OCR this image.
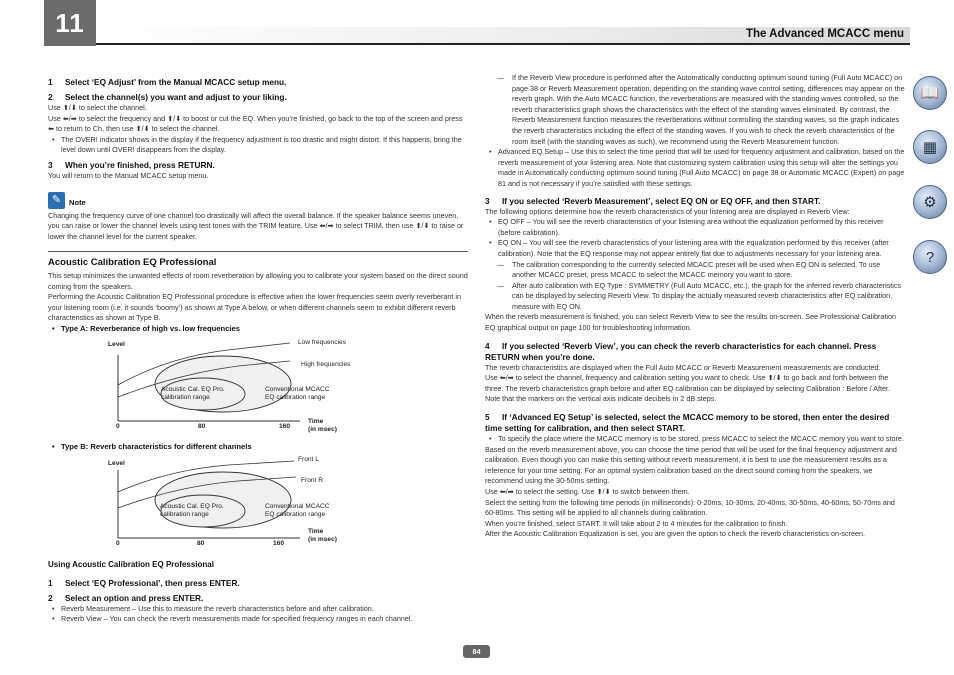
11	The Advanced MCACC menu
1 Select ‘EQ Adjust’ from the Manual MCACC setup menu.
2 Select the channel(s) you want and adjust to your liking.

Use ⬆/⬇ to select the channel.

Use ⬅/➡ to select the frequency and ⬆/⬇ to boost or cut the EQ. When you’re finished, go back to the top of the screen and press ⬅ to return to Ch, then use ⬆/⬇ to select the channel.

• The OVER! indicator shows in the display if the frequency adjustment is too drastic and might distort. If this happens, bring the level down until OVER! disappears from the display.

3 When you’re finished, press RETURN.

You will return to the Manual MCACC setup menu.

✎	Note

Changing the frequency curve of one channel too drastically will affect the overall balance. If the speaker balance seems uneven, you can raise or lower the channel levels using test tones with the TRIM feature. Use ⬅/➡ to select TRIM, then use ⬆/⬇ to raise or lower the channel level for the current speaker.

Acoustic Calibration EQ Professional

This setup minimizes the unwanted effects of room reverberation by allowing you to calibrate your system based on the direct sound coming from the speakers.

Performing the Acoustic Calibration EQ Professional procedure is effective when the lower frequencies seem overly reverberant in your listening room (i.e. it sounds ‘boomy’) as shown at Type A below, or when different channels seem to exhibit different reverb characteristics as shown at Type B.

• Type A: Reverberance of high vs. low frequencies

Level	Low frequencies
High frequencies
Acoustic Cal. EQ Pro.
calibration range
Conventional MCACC
EQ calibration range
0	80	160
Time
(in msec)

• Type B: Reverb characteristics for different channels

Level
Front L
Front R
Acoustic Cal. EQ Pro.
calibration range
Conventional MCACC
EQ calibration range
0	80	160
Time
(in msec)
Using Acoustic Calibration EQ Professional
1 Select ‘EQ Professional’, then press ENTER.
2 Select an option and press ENTER.

• Reverb Measurement – Use this to measure the reverb characteristics before and after calibration.

• Reverb View – You can check the reverb measurements made for specified frequency ranges in each channel.

— If the Reverb View procedure is performed after the Automatically conducting optimum sound tuning (Full Auto MCACC) on page 38 or Reverb Measurement operation, depending on the standing wave control setting, differences may appear on the reverb graph. With the Auto MCACC function, the reverberations are measured with the standing waves controlled, so the reverb characteristics graph shows the characteristics with the effect of the standing waves eliminated. By contrast, the Reverb Measurement function measures the reverberations without controlling the standing waves, so the graph indicates the reverb characteristics including the effect of the standing waves. If you wish to check the reverb characteristics of the room itself (with the standing waves as such), we recommend using the Reverb Measurement function.

• Advanced EQ Setup – Use this to select the time period that will be used for frequency adjustment and calibration, based on the reverb measurement of your listening area. Note that customizing system calibration using this setup will alter the settings you made in Automatically conducting optimum sound tuning (Full Auto MCACC) on page 38 or Automatic MCACC (Expert) on page 81 and is not necessary if you’re satisfied with these settings.

3 If you selected ‘Reverb Measurement’, select EQ ON or EQ OFF, and then START.

The following options determine how the reverb characteristics of your listening area are displayed in Reverb View:

• EQ OFF – You will see the reverb characteristics of your listening area without the equalization performed by this receiver (before calibration).

• EQ ON – You will see the reverb characteristics of your listening area with the equalization performed by this receiver (after calibration). Note that the EQ response may not appear entirely flat due to adjustments necessary for your listening area.

— The calibration corresponding to the currently selected MCACC preset will be used when EQ ON is selected. To use another MCACC preset, press MCACC to select the MCACC memory you want to store.

— After auto calibration with EQ Type : SYMMETRY (Full Auto MCACC, etc.), the graph for the inferred reverb characteristics can be displayed by selecting Reverb View. To display the actually measured reverb characteristics after EQ calibration, measure with EQ ON.

When the reverb measurement is finished, you can select Reverb View to see the results on-screen. See Professional Calibration EQ graphical output on page 100 for troubleshooting information.

4 If you selected ‘Reverb View’, you can check the reverb characteristics for each channel. Press RETURN when you’re done.

The reverb characteristics are displayed when the Full Auto MCACC or Reverb Measurement measurements are conducted.

Use ⬅/➡ to select the channel, frequency and calibration setting you want to check. Use ⬆/⬇ to go back and forth between the three. The reverb characteristics graph before and after EQ calibration can be displayed by selecting Calibration : Before / After. Note that the markers on the vertical axis indicate decibels in 2 dB steps.

5 If ‘Advanced EQ Setup’ is selected, select the MCACC memory to be stored, then enter the desired time setting for calibration, and then select START.

• To specify the place where the MCACC memory is to be stored, press MCACC to select the MCACC memory you want to store.

Based on the reverb measurement above, you can choose the time period that will be used for the final frequency adjustment and calibration. Even though you can make this setting without reverb measurement, it is best to use the measurement results as a reference for your time setting. For an optimal system calibration based on the direct sound coming from the speakers, we recommend using the 30-50ms setting.

Use ⬅/➡ to select the setting. Use ⬆/⬇ to switch between them.

Select the setting from the following time periods (in milliseconds): 0-20ms, 10-30ms, 20-40ms, 30-50ms, 40-60ms, 50-70ms and 60-80ms. This setting will be applied to all channels during calibration.

When you’re finished, select START. It will take about 2 to 4 minutes for the calibration to finish.

After the Acoustic Calibration Equalization is set, you are given the option to check the reverb characteristics on-screen.

📖
▦
⚙
?
84
